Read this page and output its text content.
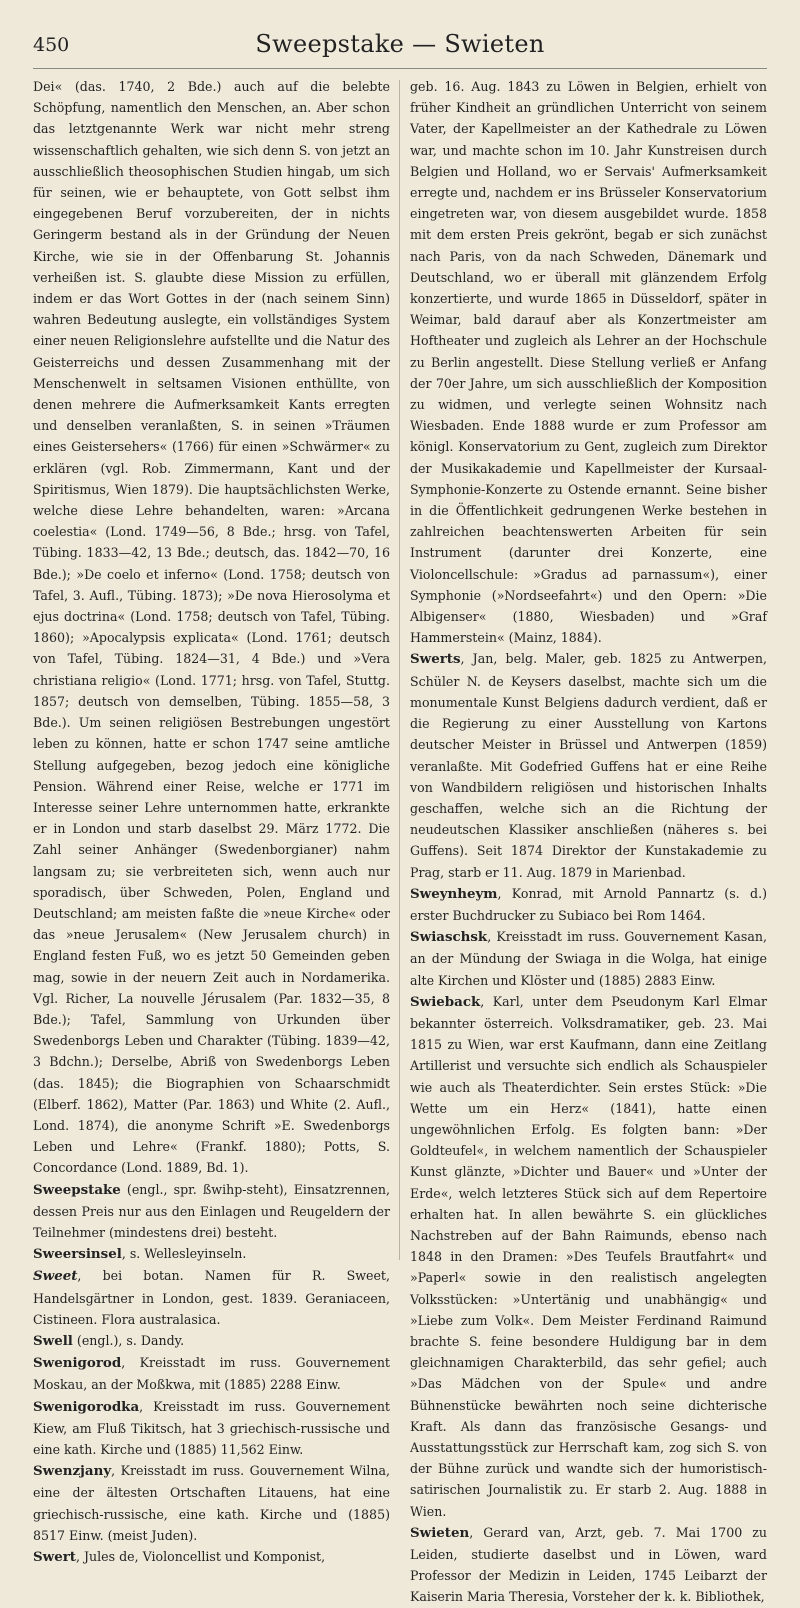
450	Sweepstake — Swieten

Dei« (das. 1740, 2 Bde.) auch auf die belebte Schöpfung, namentlich den Menschen, an. Aber schon das letztgenannte Werk war nicht mehr streng wissenschaftlich gehalten, wie sich denn S. von jetzt an ausschließlich theosophischen Studien hingab, um sich für seinen, wie er behauptete, von Gott selbst ihm eingegebenen Beruf vorzubereiten, der in nichts Geringerm bestand als in der Gründung der Neuen Kirche, wie sie in der Offenbarung St. Johannis verheißen ist. S. glaubte diese Mission zu erfüllen, indem er das Wort Gottes in der (nach seinem Sinn) wahren Bedeutung auslegte, ein vollständiges System einer neuen Religionslehre aufstellte und die Natur des Geisterreichs und dessen Zusammenhang mit der Menschenwelt in seltsamen Visionen enthüllte, von denen mehrere die Aufmerksamkeit Kants erregten und denselben veranlaßten, S. in seinen »Träumen eines Geistersehers« (1766) für einen »Schwärmer« zu erklären (vgl. Rob. Zimmermann, Kant und der Spiritismus, Wien 1879). Die hauptsächlichsten Werke, welche diese Lehre behandelten, waren: »Arcana coelestia« (Lond. 1749—56, 8 Bde.; hrsg. von Tafel, Tübing. 1833—42, 13 Bde.; deutsch, das. 1842—70, 16 Bde.); »De coelo et inferno« (Lond. 1758; deutsch von Tafel, 3. Aufl., Tübing. 1873); »De nova Hierosolyma et ejus doctrina« (Lond. 1758; deutsch von Tafel, Tübing. 1860); »Apocalypsis explicata« (Lond. 1761; deutsch von Tafel, Tübing. 1824—31, 4 Bde.) und »Vera christiana religio« (Lond. 1771; hrsg. von Tafel, Stuttg. 1857; deutsch von demselben, Tübing. 1855—58, 3 Bde.). Um seinen religiösen Bestrebungen ungestört leben zu können, hatte er schon 1747 seine amtliche Stellung aufgegeben, bezog jedoch eine königliche Pension. Während einer Reise, welche er 1771 im Interesse seiner Lehre unternommen hatte, erkrankte er in London und starb daselbst 29. März 1772. Die Zahl seiner Anhänger (Swedenborgianer) nahm langsam zu; sie verbreiteten sich, wenn auch nur sporadisch, über Schweden, Polen, England und Deutschland; am meisten faßte die »neue Kirche« oder das »neue Jerusalem« (New Jerusalem church) in England festen Fuß, wo es jetzt 50 Gemeinden geben mag, sowie in der neuern Zeit auch in Nordamerika. Vgl. Richer, La nouvelle Jérusalem (Par. 1832—35, 8 Bde.); Tafel, Sammlung von Urkunden über Swedenborgs Leben und Charakter (Tübing. 1839—42, 3 Bdchn.); Derselbe, Abriß von Swedenborgs Leben (das. 1845); die Biographien von Schaarschmidt (Elberf. 1862), Matter (Par. 1863) und White (2. Aufl., Lond. 1874), die anonyme Schrift »E. Swedenborgs Leben und Lehre« (Frankf. 1880); Potts, S. Concordance (Lond. 1889, Bd. 1).

Sweepstake (engl., spr. ßwihp-steht), Einsatzrennen, dessen Preis nur aus den Einlagen und Reugeldern der Teilnehmer (mindestens drei) besteht.

Sweersinsel, s. Wellesleyinseln.

Sweet, bei botan. Namen für R. Sweet, Handelsgärtner in London, gest. 1839. Geraniaceen, Cistineen. Flora australasica.

Swell (engl.), s. Dandy.

Swenigorod, Kreisstadt im russ. Gouvernement Moskau, an der Moßkwa, mit (1885) 2288 Einw.

Swenigorodka, Kreisstadt im russ. Gouvernement Kiew, am Fluß Tikitsch, hat 3 griechisch-russische und eine kath. Kirche und (1885) 11,562 Einw.

Swenzjany, Kreisstadt im russ. Gouvernement Wilna, eine der ältesten Ortschaften Litauens, hat eine griechisch-russische, eine kath. Kirche und (1885) 8517 Einw. (meist Juden).

Swert, Jules de, Violoncellist und Komponist,

geb. 16. Aug. 1843 zu Löwen in Belgien, erhielt von früher Kindheit an gründlichen Unterricht von seinem Vater, der Kapellmeister an der Kathedrale zu Löwen war, und machte schon im 10. Jahr Kunstreisen durch Belgien und Holland, wo er Servais' Aufmerksamkeit erregte und, nachdem er ins Brüsseler Konservatorium eingetreten war, von diesem ausgebildet wurde. 1858 mit dem ersten Preis gekrönt, begab er sich zunächst nach Paris, von da nach Schweden, Dänemark und Deutschland, wo er überall mit glänzendem Erfolg konzertierte, und wurde 1865 in Düsseldorf, später in Weimar, bald darauf aber als Konzertmeister am Hoftheater und zugleich als Lehrer an der Hochschule zu Berlin angestellt. Diese Stellung verließ er Anfang der 70er Jahre, um sich ausschließlich der Komposition zu widmen, und verlegte seinen Wohnsitz nach Wiesbaden. Ende 1888 wurde er zum Professor am königl. Konservatorium zu Gent, zugleich zum Direktor der Musikakademie und Kapellmeister der Kursaal-Symphonie-Konzerte zu Ostende ernannt. Seine bisher in die Öffentlichkeit gedrungenen Werke bestehen in zahlreichen beachtenswerten Arbeiten für sein Instrument (darunter drei Konzerte, eine Violoncellschule: »Gradus ad parnassum«), einer Symphonie (»Nordseefahrt«) und den Opern: »Die Albigenser« (1880, Wiesbaden) und »Graf Hammerstein« (Mainz, 1884).

Swerts, Jan, belg. Maler, geb. 1825 zu Antwerpen, Schüler N. de Keysers daselbst, machte sich um die monumentale Kunst Belgiens dadurch verdient, daß er die Regierung zu einer Ausstellung von Kartons deutscher Meister in Brüssel und Antwerpen (1859) veranlaßte. Mit Godefried Guffens hat er eine Reihe von Wandbildern religiösen und historischen Inhalts geschaffen, welche sich an die Richtung der neudeutschen Klassiker anschließen (näheres s. bei Guffens). Seit 1874 Direktor der Kunstakademie zu Prag, starb er 11. Aug. 1879 in Marienbad.

Sweynheym, Konrad, mit Arnold Pannartz (s. d.) erster Buchdrucker zu Subiaco bei Rom 1464.

Swiaschsk, Kreisstadt im russ. Gouvernement Kasan, an der Mündung der Swiaga in die Wolga, hat einige alte Kirchen und Klöster und (1885) 2883 Einw.

Swieback, Karl, unter dem Pseudonym Karl Elmar bekannter österreich. Volksdramatiker, geb. 23. Mai 1815 zu Wien, war erst Kaufmann, dann eine Zeitlang Artillerist und versuchte sich endlich als Schauspieler wie auch als Theaterdichter. Sein erstes Stück: »Die Wette um ein Herz« (1841), hatte einen ungewöhnlichen Erfolg. Es folgten bann: »Der Goldteufel«, in welchem namentlich der Schauspieler Kunst glänzte, »Dichter und Bauer« und »Unter der Erde«, welch letzteres Stück sich auf dem Repertoire erhalten hat. In allen bewährte S. ein glückliches Nachstreben auf der Bahn Raimunds, ebenso nach 1848 in den Dramen: »Des Teufels Brautfahrt« und »Paperl« sowie in den realistisch angelegten Volksstücken: »Untertänig und unabhängig« und »Liebe zum Volk«. Dem Meister Ferdinand Raimund brachte S. feine besondere Huldigung bar in dem gleichnamigen Charakterbild, das sehr gefiel; auch »Das Mädchen von der Spule« und andre Bühnenstücke bewährten noch seine dichterische Kraft. Als dann das französische Gesangs- und Ausstattungsstück zur Herrschaft kam, zog sich S. von der Bühne zurück und wandte sich der humoristisch-satirischen Journalistik zu. Er starb 2. Aug. 1888 in Wien.

Swieten, Gerard van, Arzt, geb. 7. Mai 1700 zu Leiden, studierte daselbst und in Löwen, ward Professor der Medizin in Leiden, 1745 Leibarzt der Kaiserin Maria Theresia, Vorsteher der k. k. Bibliothek,
